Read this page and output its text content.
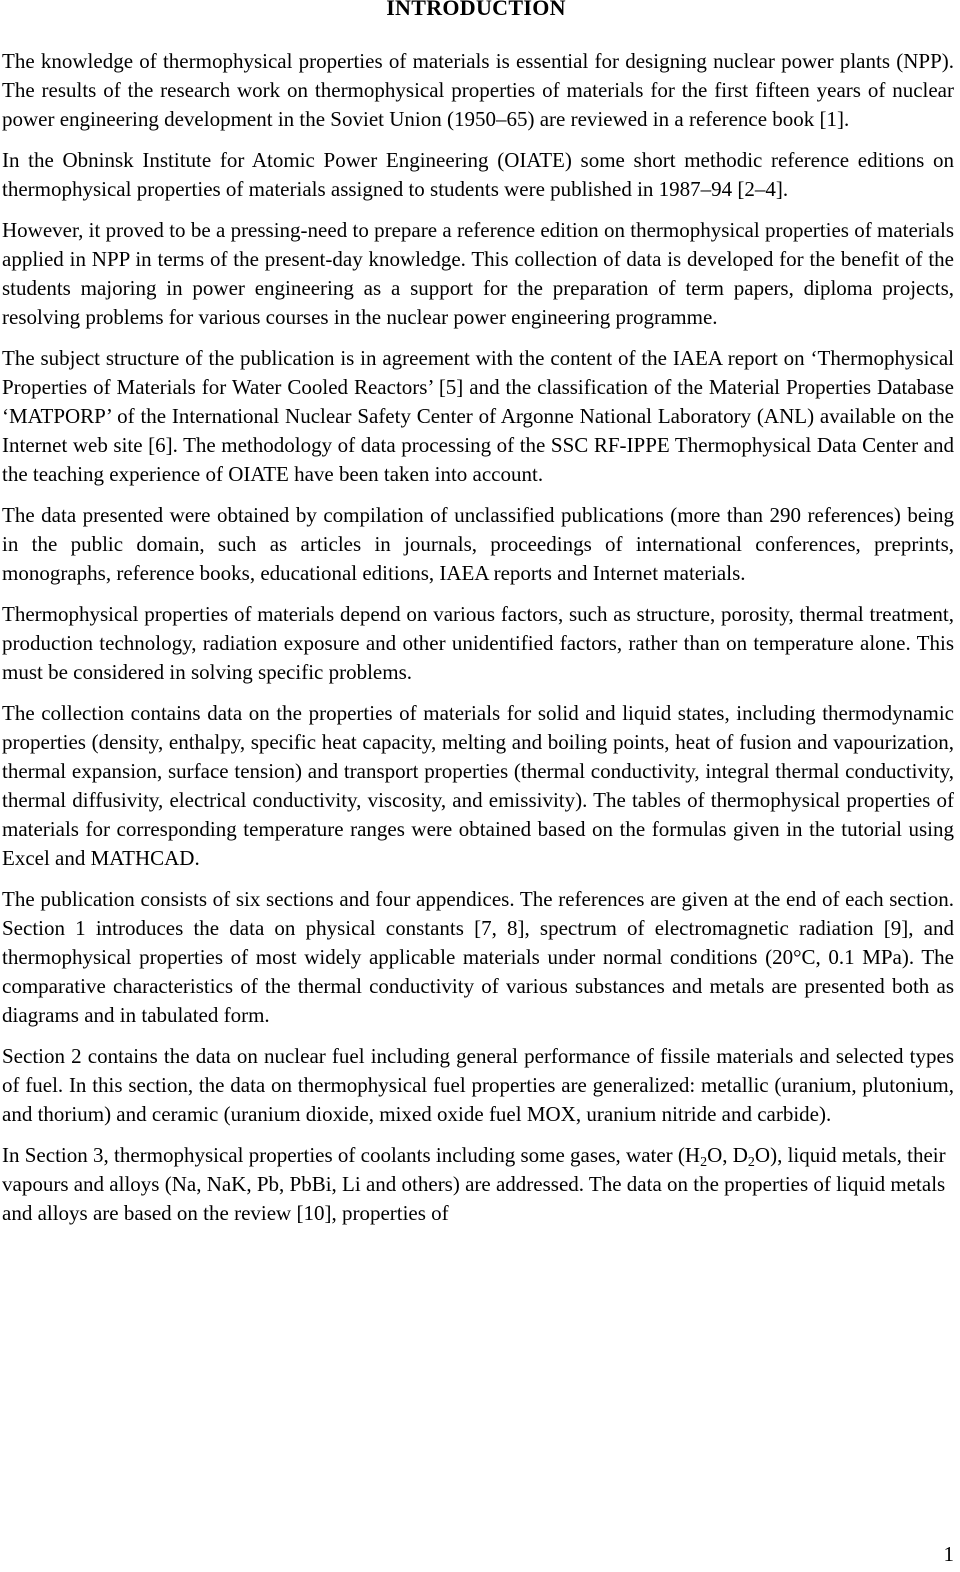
INTRODUCTION

The knowledge of thermophysical properties of materials is essential for designing nuclear power plants (NPP). The results of the research work on thermophysical properties of materials for the first fifteen years of nuclear power engineering development in the Soviet Union (1950–65) are reviewed in a reference book [1].

In the Obninsk Institute for Atomic Power Engineering (OIATE) some short methodic reference editions on thermophysical properties of materials assigned to students were published in 1987–94 [2–4].

However, it proved to be a pressing-need to prepare a reference edition on thermophysical properties of materials applied in NPP in terms of the present-day knowledge. This collection of data is developed for the benefit of the students majoring in power engineering as a support for the preparation of term papers, diploma projects, resolving problems for various courses in the nuclear power engineering programme.

The subject structure of the publication is in agreement with the content of the IAEA report on ‘Thermophysical Properties of Materials for Water Cooled Reactors’ [5] and the classification of the Material Properties Database ‘MATPORP’ of the International Nuclear Safety Center of Argonne National Laboratory (ANL) available on the Internet web site [6]. The methodology of data processing of the SSC RF-IPPE Thermophysical Data Center and the teaching experience of OIATE have been taken into account.

The data presented were obtained by compilation of unclassified publications (more than 290 references) being in the public domain, such as articles in journals, proceedings of international conferences, preprints, monographs, reference books, educational editions, IAEA reports and Internet materials.

Thermophysical properties of materials depend on various factors, such as structure, porosity, thermal treatment, production technology, radiation exposure and other unidentified factors, rather than on temperature alone. This must be considered in solving specific problems.

The collection contains data on the properties of materials for solid and liquid states, including thermodynamic properties (density, enthalpy, specific heat capacity, melting and boiling points, heat of fusion and vapourization, thermal expansion, surface tension) and transport properties (thermal conductivity, integral thermal conductivity, thermal diffusivity, electrical conductivity, viscosity, and emissivity). The tables of thermophysical properties of materials for corresponding temperature ranges were obtained based on the formulas given in the tutorial using Excel and MATHCAD.

The publication consists of six sections and four appendices. The references are given at the end of each section. Section 1 introduces the data on physical constants [7, 8], spectrum of electromagnetic radiation [9], and thermophysical properties of most widely applicable materials under normal conditions (20°C, 0.1 MPa). The comparative characteristics of the thermal conductivity of various substances and metals are presented both as diagrams and in tabulated form.

Section 2 contains the data on nuclear fuel including general performance of fissile materials and selected types of fuel. In this section, the data on thermophysical fuel properties are generalized: metallic (uranium, plutonium, and thorium) and ceramic (uranium dioxide, mixed oxide fuel MOX, uranium nitride and carbide).

In Section 3, thermophysical properties of coolants including some gases, water ($H_2O$, $D_2O$), liquid metals, their vapours and alloys (Na, NaK, Pb, PbBi, Li and others) are addressed. The data on the properties of liquid metals and alloys are based on the review [10], properties of

1
